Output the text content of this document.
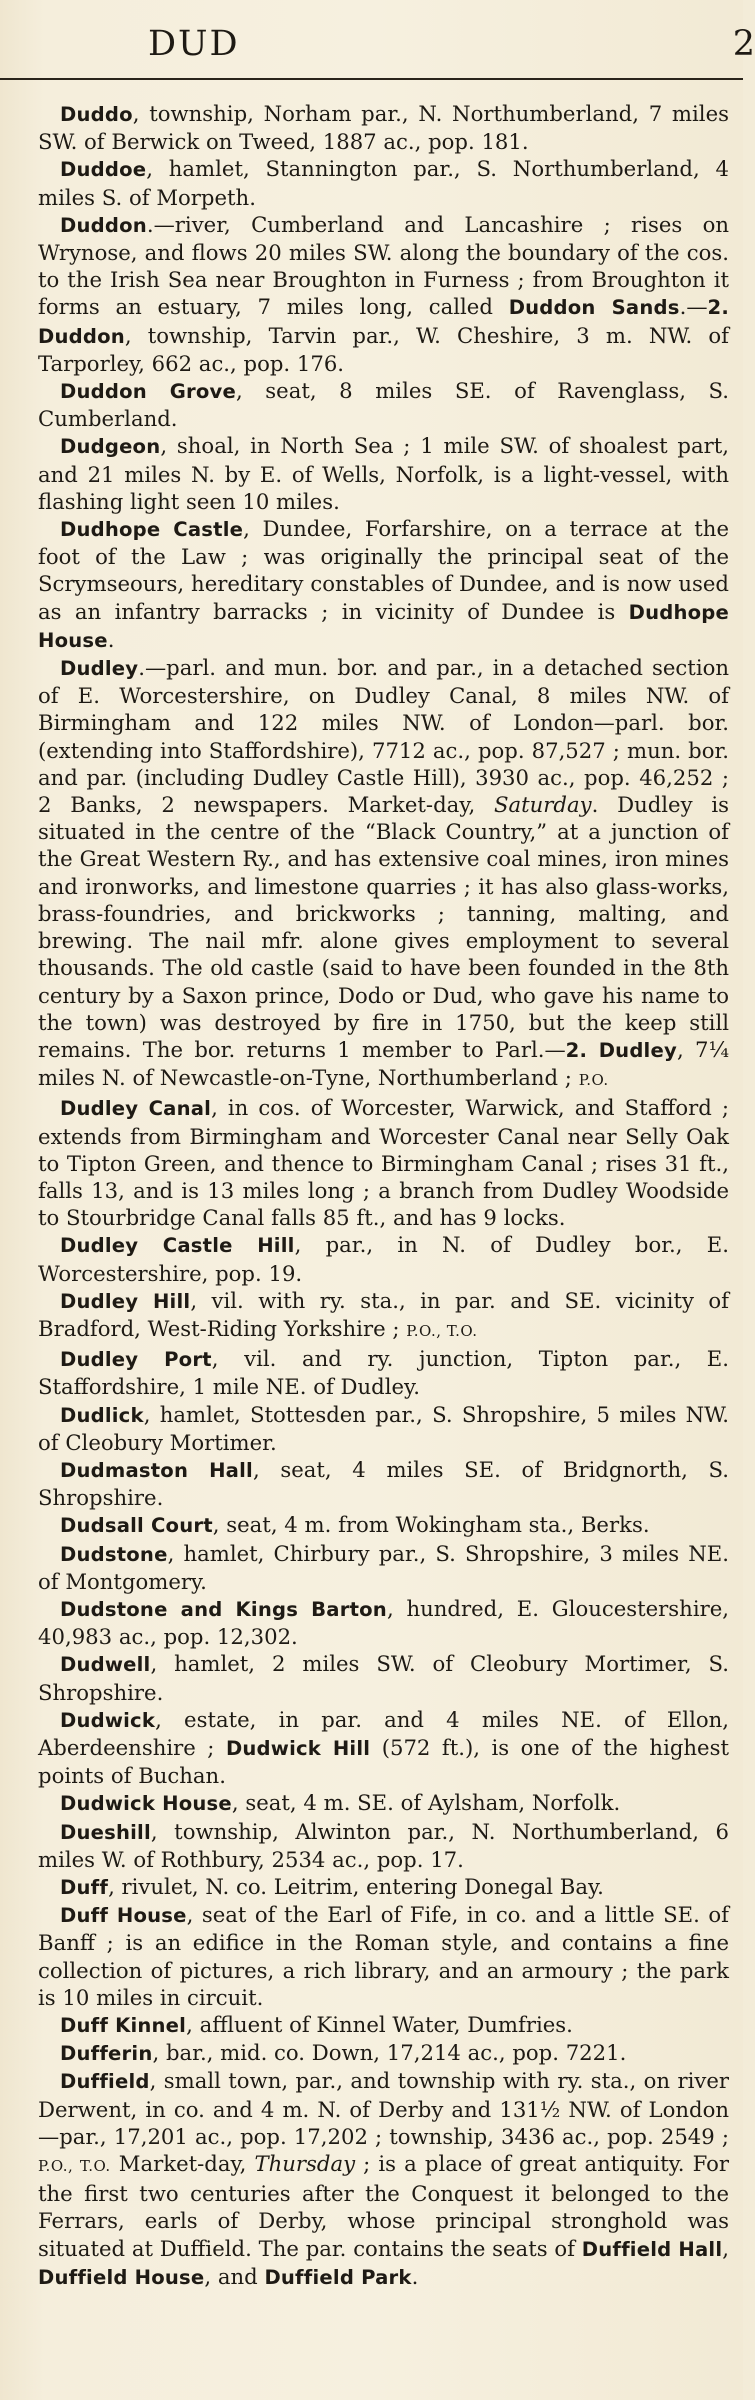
DUD	2

Duddo, township, Norham par., N. Northumberland, 7 miles SW. of Berwick on Tweed, 1887 ac., pop. 181.

Duddoe, hamlet, Stannington par., S. Northumberland, 4 miles S. of Morpeth.

Duddon.—river, Cumberland and Lancashire ; rises on Wrynose, and flows 20 miles SW. along the boundary of the cos. to the Irish Sea near Broughton in Furness ; from Broughton it forms an estuary, 7 miles long, called Duddon Sands.—2. Duddon, township, Tarvin par., W. Cheshire, 3 m. NW. of Tarporley, 662 ac., pop. 176.

Duddon Grove, seat, 8 miles SE. of Ravenglass, S. Cumberland.

Dudgeon, shoal, in North Sea ; 1 mile SW. of shoalest part, and 21 miles N. by E. of Wells, Norfolk, is a light-vessel, with flashing light seen 10 miles.

Dudhope Castle, Dundee, Forfarshire, on a terrace at the foot of the Law ; was originally the principal seat of the Scrymseours, hereditary constables of Dundee, and is now used as an infantry barracks ; in vicinity of Dundee is Dudhope House.

Dudley.—parl. and mun. bor. and par., in a detached section of E. Worcestershire, on Dudley Canal, 8 miles NW. of Birmingham and 122 miles NW. of London—parl. bor. (extending into Staffordshire), 7712 ac., pop. 87,527 ; mun. bor. and par. (including Dudley Castle Hill), 3930 ac., pop. 46,252 ; 2 Banks, 2 newspapers. Market-day, Saturday. Dudley is situated in the centre of the “Black Country,” at a junction of the Great Western Ry., and has extensive coal mines, iron mines and ironworks, and limestone quarries ; it has also glass-works, brass-foundries, and brickworks ; tanning, malting, and brewing. The nail mfr. alone gives employment to several thousands. The old castle (said to have been founded in the 8th century by a Saxon prince, Dodo or Dud, who gave his name to the town) was destroyed by fire in 1750, but the keep still remains. The bor. returns 1 member to Parl.—2. Dudley, 7¼ miles N. of Newcastle-on-Tyne, Northumberland ; P.O.

Dudley Canal, in cos. of Worcester, Warwick, and Stafford ; extends from Birmingham and Worcester Canal near Selly Oak to Tipton Green, and thence to Birmingham Canal ; rises 31 ft., falls 13, and is 13 miles long ; a branch from Dudley Woodside to Stourbridge Canal falls 85 ft., and has 9 locks.

Dudley Castle Hill, par., in N. of Dudley bor., E. Worcestershire, pop. 19.

Dudley Hill, vil. with ry. sta., in par. and SE. vicinity of Bradford, West-Riding Yorkshire ; P.O., T.O.

Dudley Port, vil. and ry. junction, Tipton par., E. Staffordshire, 1 mile NE. of Dudley.

Dudlick, hamlet, Stottesden par., S. Shropshire, 5 miles NW. of Cleobury Mortimer.

Dudmaston Hall, seat, 4 miles SE. of Bridgnorth, S. Shropshire.

Dudsall Court, seat, 4 m. from Wokingham sta., Berks.

Dudstone, hamlet, Chirbury par., S. Shropshire, 3 miles NE. of Montgomery.

Dudstone and Kings Barton, hundred, E. Gloucestershire, 40,983 ac., pop. 12,302.

Dudwell, hamlet, 2 miles SW. of Cleobury Mortimer, S. Shropshire.

Dudwick, estate, in par. and 4 miles NE. of Ellon, Aberdeenshire ; Dudwick Hill (572 ft.), is one of the highest points of Buchan.

Dudwick House, seat, 4 m. SE. of Aylsham, Norfolk.

Dueshill, township, Alwinton par., N. Northumberland, 6 miles W. of Rothbury, 2534 ac., pop. 17.

Duff, rivulet, N. co. Leitrim, entering Donegal Bay.

Duff House, seat of the Earl of Fife, in co. and a little SE. of Banff ; is an edifice in the Roman style, and contains a fine collection of pictures, a rich library, and an armoury ; the park is 10 miles in circuit.

Duff Kinnel, affluent of Kinnel Water, Dumfries.

Dufferin, bar., mid. co. Down, 17,214 ac., pop. 7221.

Duffield, small town, par., and township with ry. sta., on river Derwent, in co. and 4 m. N. of Derby and 131½ NW. of London—par., 17,201 ac., pop. 17,202 ; township, 3436 ac., pop. 2549 ; P.O., T.O. Market-day, Thursday ; is a place of great antiquity. For the first two centuries after the Conquest it belonged to the Ferrars, earls of Derby, whose principal stronghold was situated at Duffield. The par. contains the seats of Duffield Hall, Duffield House, and Duffield Park.
